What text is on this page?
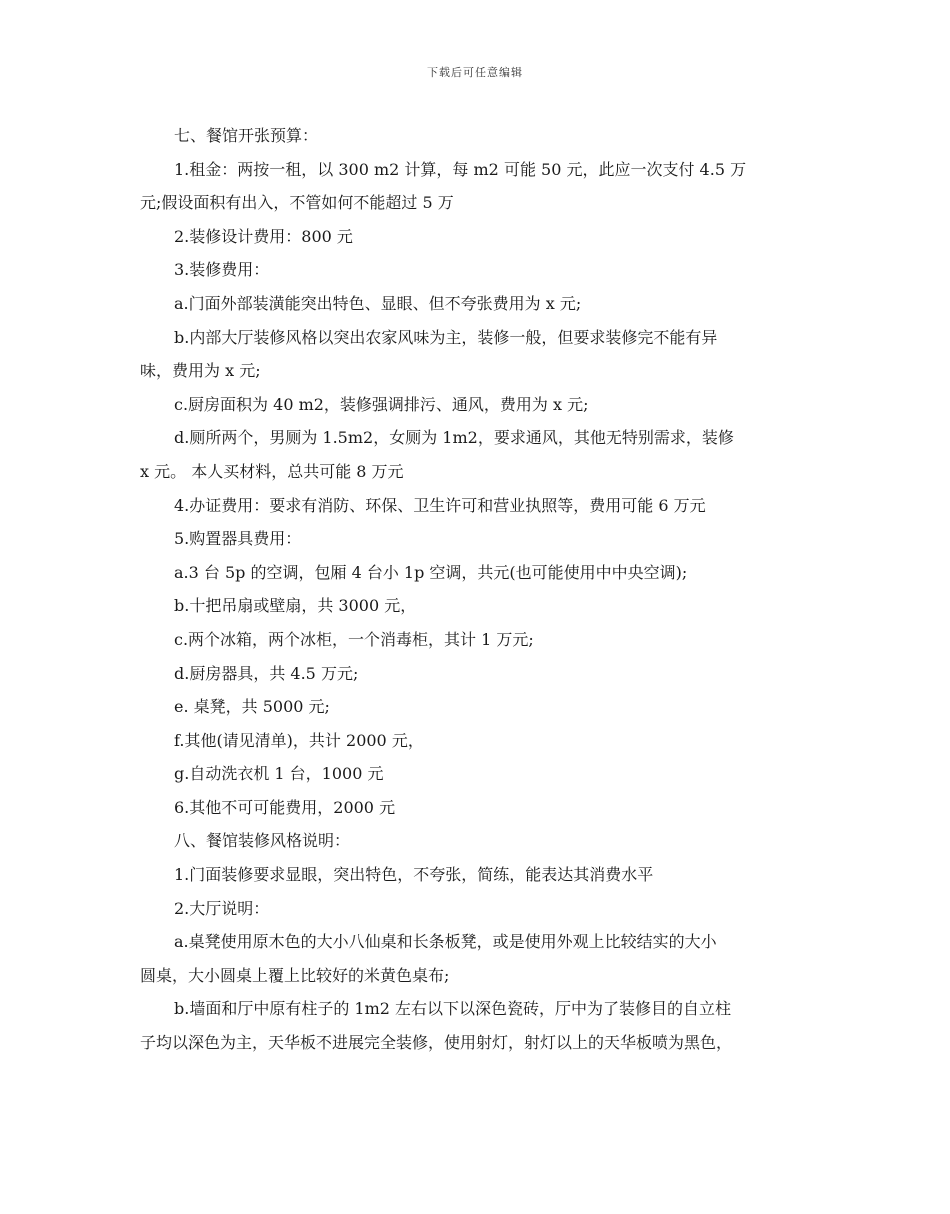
下载后可任意编辑
七、餐馆开张预算：
1.租金：两按一租，以 300 m2 计算，每 m2 可能 50 元，此应一次支付 4.5 万
元;假设面积有出入，不管如何不能超过 5 万
2.装修设计费用：800 元
3.装修费用：
a.门面外部装潢能突出特色、显眼、但不夸张费用为 x 元;
b.内部大厅装修风格以突出农家风味为主，装修一般，但要求装修完不能有异
味，费用为 x 元;
c.厨房面积为 40 m2，装修强调排污、通风，费用为 x 元;
d.厕所两个，男厕为 1.5m2，女厕为 1m2，要求通风，其他无特别需求，装修
x 元。 本人买材料，总共可能 8 万元
4.办证费用：要求有消防、环保、卫生许可和营业执照等，费用可能 6 万元
5.购置器具费用：
a.3 台 5p 的空调，包厢 4 台小 1p 空调，共元(也可能使用中中央空调);
b.十把吊扇或壁扇，共 3000 元，
c.两个冰箱，两个冰柜，一个消毒柜，其计 1 万元;
d.厨房器具，共 4.5 万元;
e. 桌凳，共 5000 元;
f.其他(请见清单)，共计 2000 元，
g.自动洗衣机 1 台，1000 元
6.其他不可可能费用，2000 元
八、餐馆装修风格说明：
1.门面装修要求显眼，突出特色，不夸张，简练，能表达其消费水平
2.大厅说明：
a.桌凳使用原木色的大小八仙桌和长条板凳，或是使用外观上比较结实的大小
圆桌，大小圆桌上覆上比较好的米黄色桌布;
b.墙面和厅中原有柱子的 1m2 左右以下以深色瓷砖，厅中为了装修目的自立柱
子均以深色为主，天华板不进展完全装修，使用射灯，射灯以上的天华板喷为黑色，
